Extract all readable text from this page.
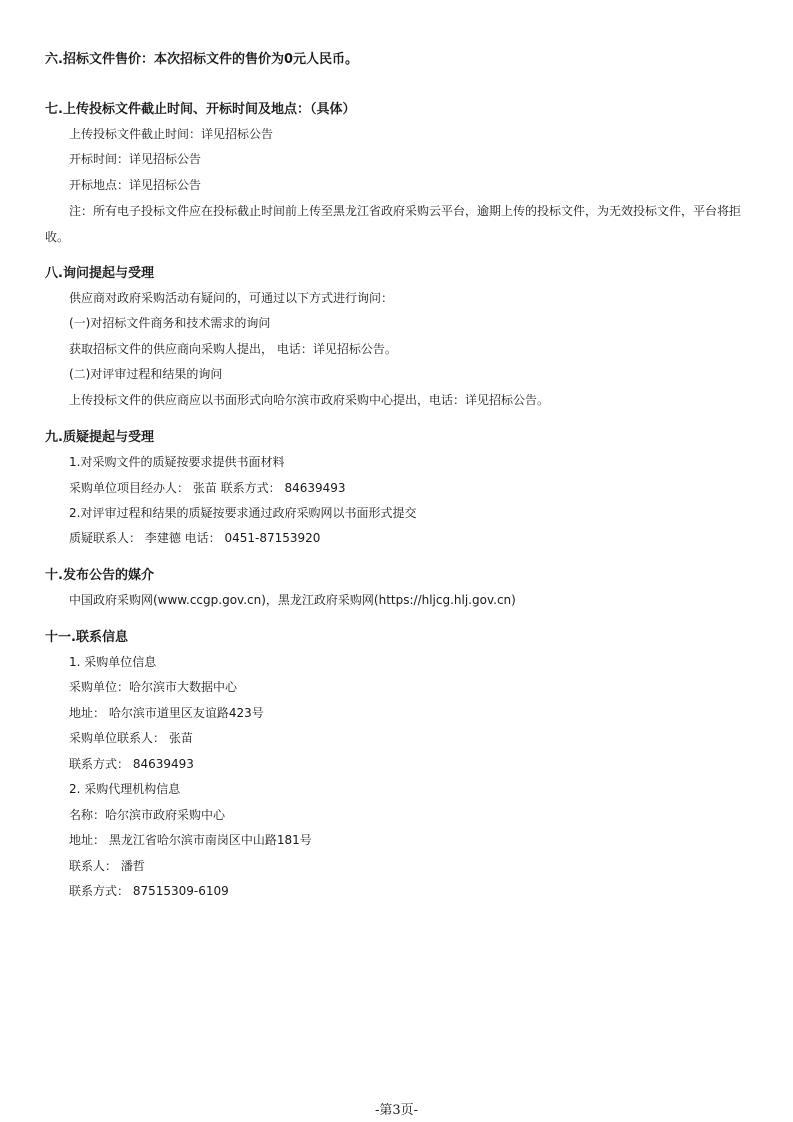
六.招标文件售价：本次招标文件的售价为0元人民币。
七.上传投标文件截止时间、开标时间及地点：（具体）
上传投标文件截止时间：详见招标公告
开标时间：详见招标公告
开标地点：详见招标公告
注：所有电子投标文件应在投标截止时间前上传至黑龙江省政府采购云平台，逾期上传的投标文件，为无效投标文件，平台将拒收。
八.询问提起与受理
供应商对政府采购活动有疑问的，可通过以下方式进行询问：
(一)对招标文件商务和技术需求的询问
获取招标文件的供应商向采购人提出， 电话：详见招标公告。
(二)对评审过程和结果的询问
上传投标文件的供应商应以书面形式向哈尔滨市政府采购中心提出，电话：详见招标公告。
九.质疑提起与受理
1.对采购文件的质疑按要求提供书面材料
采购单位项目经办人： 张苗 联系方式： 84639493
2.对评审过程和结果的质疑按要求通过政府采购网以书面形式提交
质疑联系人： 李建德 电话： 0451-87153920
十.发布公告的媒介
中国政府采购网(www.ccgp.gov.cn)，黑龙江政府采购网(https://hljcg.hlj.gov.cn)
十一.联系信息
1. 采购单位信息
采购单位：哈尔滨市大数据中心
地址： 哈尔滨市道里区友谊路423号
采购单位联系人： 张苗
联系方式： 84639493
2. 采购代理机构信息
名称：哈尔滨市政府采购中心
地址： 黑龙江省哈尔滨市南岗区中山路181号
联系人： 潘哲
联系方式： 87515309-6109
-第3页-
